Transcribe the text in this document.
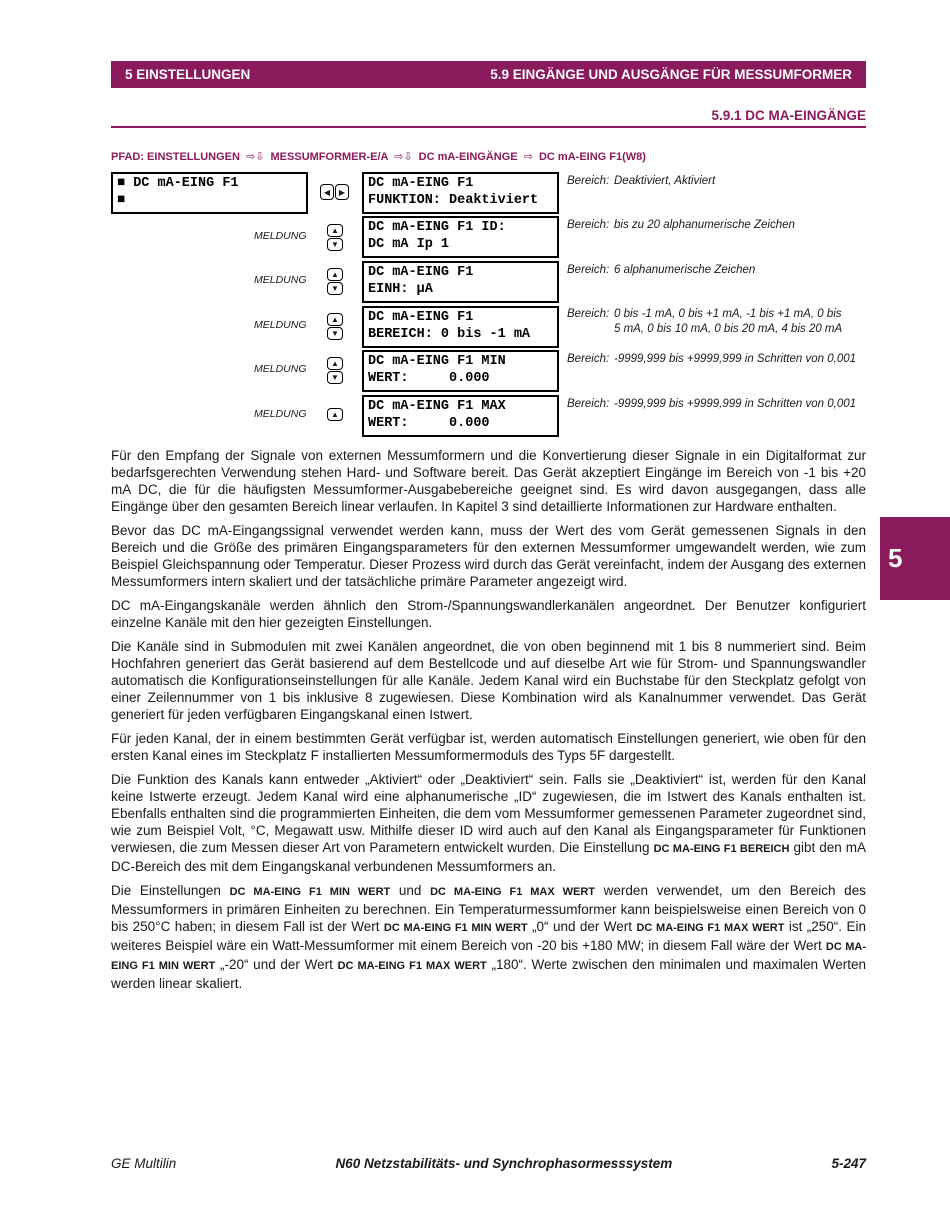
5 EINSTELLUNGEN	5.9 EINGÄNGE UND AUSGÄNGE FÜR MESSUMFORMER
5.9.1 DC MA-EINGÄNGE
PFAD: EINSTELLUNGEN ⇨⇩ MESSUMFORMER-E/A ⇨⇩ DC mA-EINGÄNGE ⇨ DC mA-EING F1(W8)
■ DC mA-EING F1
■
◀	▶
DC mA-EING F1
FUNKTION: Deaktiviert
Bereich: Deaktiviert, Aktiviert
MELDUNG	▲
▼
DC mA-EING F1 ID:
DC mA Ip 1
Bereich: bis zu 20 alphanumerische Zeichen
MELDUNG	▲
▼
DC mA-EING F1
EINH: µA
Bereich: 6 alphanumerische Zeichen
MELDUNG	▲
▼
DC mA-EING F1
BEREICH: 0 bis -1 mA
Bereich: 0 bis -1 mA, 0 bis +1 mA, -1 bis +1 mA, 0 bis
5 mA, 0 bis 10 mA, 0 bis 20 mA, 4 bis 20 mA
MELDUNG	▲
▼
DC mA-EING F1 MIN
WERT:     0.000
Bereich: -9999,999 bis +9999,999 in Schritten von 0,001
MELDUNG	▲ DC mA-EING F1 MAX
WERT:     0.000
Bereich: -9999,999 bis +9999,999 in Schritten von 0,001

Für den Empfang der Signale von externen Messumformern und die Konvertierung dieser Signale in ein Digitalformat zur bedarfsgerechten Verwendung stehen Hard- und Software bereit. Das Gerät akzeptiert Eingänge im Bereich von -1 bis +20 mA DC, die für die häufigsten Messumformer-Ausgabebereiche geeignet sind. Es wird davon ausgegangen, dass alle Eingänge über den gesamten Bereich linear verlaufen. In Kapitel 3 sind detaillierte Informationen zur Hardware enthalten.

Bevor das DC mA-Eingangssignal verwendet werden kann, muss der Wert des vom Gerät gemessenen Signals in den Bereich und die Größe des primären Eingangsparameters für den externen Messumformer umgewandelt werden, wie zum Beispiel Gleichspannung oder Temperatur. Dieser Prozess wird durch das Gerät vereinfacht, indem der Ausgang des externen Messumformers intern skaliert und der tatsächliche primäre Parameter angezeigt wird.

DC mA-Eingangskanäle werden ähnlich den Strom-/Spannungswandlerkanälen angeordnet. Der Benutzer konfiguriert einzelne Kanäle mit den hier gezeigten Einstellungen.

Die Kanäle sind in Submodulen mit zwei Kanälen angeordnet, die von oben beginnend mit 1 bis 8 nummeriert sind. Beim Hochfahren generiert das Gerät basierend auf dem Bestellcode und auf dieselbe Art wie für Strom- und Spannungswandler automatisch die Konfigurationseinstellungen für alle Kanäle. Jedem Kanal wird ein Buchstabe für den Steckplatz gefolgt von einer Zeilennummer von 1 bis inklusive 8 zugewiesen. Diese Kombination wird als Kanalnummer verwendet. Das Gerät generiert für jeden verfügbaren Eingangskanal einen Istwert.

Für jeden Kanal, der in einem bestimmten Gerät verfügbar ist, werden automatisch Einstellungen generiert, wie oben für den ersten Kanal eines im Steckplatz F installierten Messumformermoduls des Typs 5F dargestellt.

Die Funktion des Kanals kann entweder „Aktiviert“ oder „Deaktiviert“ sein. Falls sie „Deaktiviert“ ist, werden für den Kanal keine Istwerte erzeugt. Jedem Kanal wird eine alphanumerische „ID“ zugewiesen, die im Istwert des Kanals enthalten ist. Ebenfalls enthalten sind die programmierten Einheiten, die dem vom Messumformer gemessenen Parameter zugeordnet sind, wie zum Beispiel Volt, °C, Megawatt usw. Mithilfe dieser ID wird auch auf den Kanal als Eingangsparameter für Funktionen verwiesen, die zum Messen dieser Art von Parametern entwickelt wurden. Die Einstellung DC MA-EING F1 BEREICH gibt den mA DC-Bereich des mit dem Eingangskanal verbundenen Messumformers an.

Die Einstellungen DC MA-EING F1 MIN WERT und DC MA-EING F1 MAX WERT werden verwendet, um den Bereich des Messumformers in primären Einheiten zu berechnen. Ein Temperaturmessumformer kann beispielsweise einen Bereich von 0 bis 250°C haben; in diesem Fall ist der Wert DC MA-EING F1 MIN WERT „0“ und der Wert DC MA-EING F1 MAX WERT ist „250“. Ein weiteres Beispiel wäre ein Watt-Messumformer mit einem Bereich von -20 bis +180 MW; in diesem Fall wäre der Wert DC MA-EING F1 MIN WERT „-20“ und der Wert DC MA-EING F1 MAX WERT „180“. Werte zwischen den minimalen und maximalen Werten werden linear skaliert.

5
GE Multilin	N60 Netzstabilitäts- und Synchrophasormesssystem	5-247
